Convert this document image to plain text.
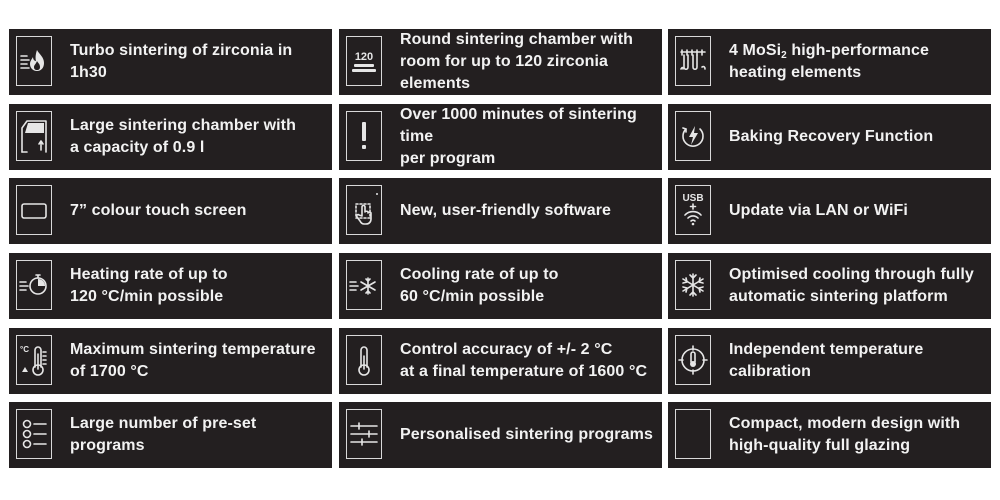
Turbo sintering of zirconia in 1h30
120
Round sintering chamber with
room for up to 120 zirconia
elements
4 MoSi$_2$ high-performance
heating elements
Large sintering chamber with
a capacity of 0.9 l
Over 1000 minutes of sintering time
per program
Baking Recovery Function
7” colour touch screen	New, user-friendly software
USB
Update via LAN or WiFi
Heating rate of up to
120 °C/min possible
Cooling rate of up to
60 °C/min possible
Optimised cooling through fully
automatic sintering platform
°C	Maximum sintering temperature
of 1700 °C
Control accuracy of +/- 2 °C
at a final temperature of 1600 °C
Independent temperature
calibration
Large number of pre-set
programs
Personalised sintering programs
Compact, modern design with
high-quality full glazing
